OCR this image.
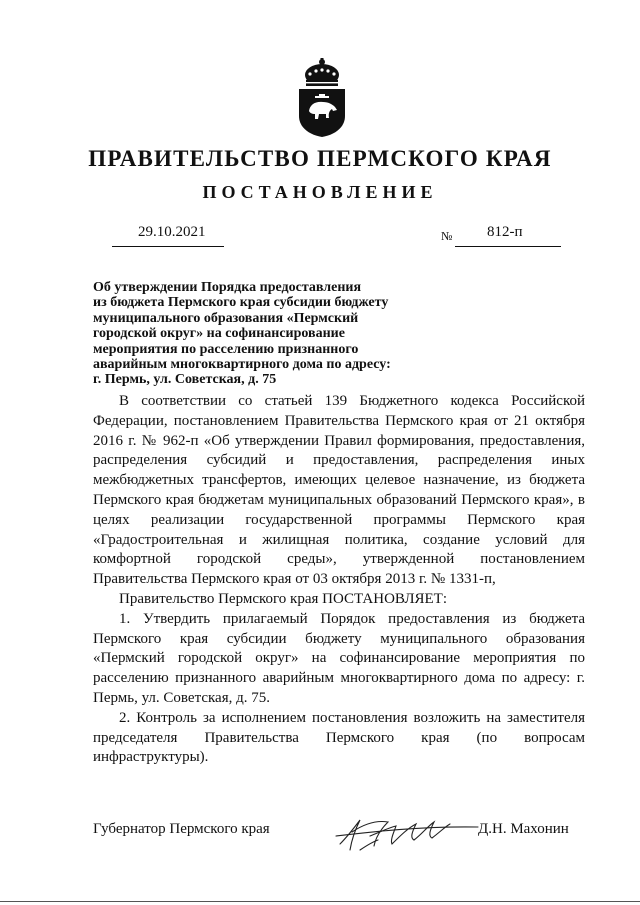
ПРАВИТЕЛЬСТВО ПЕРМСКОГО КРАЯ
ПОСТАНОВЛЕНИЕ
29.10.2021	№ 812-п
Об утверждении Порядка предоставления
из бюджета Пермского края субсидии бюджету
муниципального образования «Пермский
городской округ» на софинансирование
мероприятия по расселению признанного
аварийным многоквартирного дома по адресу:
г. Пермь, ул. Советская, д. 75

В соответствии со статьей 139 Бюджетного кодекса Российской Федерации, постановлением Правительства Пермского края от 21 октября 2016 г. № 962-п «Об утверждении Правил формирования, предоставления, распределения субсидий и предоставления, распределения иных межбюджетных трансфертов, имеющих целевое назначение, из бюджета Пермского края бюджетам муниципальных образований Пермского края», в целях реализации государственной программы Пермского края «Градостроительная и жилищная политика, создание условий для комфортной городской среды», утвержденной постановлением Правительства Пермского края от 03 октября 2013 г. № 1331-п,

Правительство Пермского края ПОСТАНОВЛЯЕТ:

1. Утвердить прилагаемый Порядок предоставления из бюджета Пермского края субсидии бюджету муниципального образования «Пермский городской округ» на софинансирование мероприятия по расселению признанного аварийным многоквартирного дома по адресу: г. Пермь, ул. Советская, д. 75.

2. Контроль за исполнением постановления возложить на заместителя председателя Правительства Пермского края (по вопросам инфраструктуры).

Губернатор Пермского края	Д.Н. Махонин
